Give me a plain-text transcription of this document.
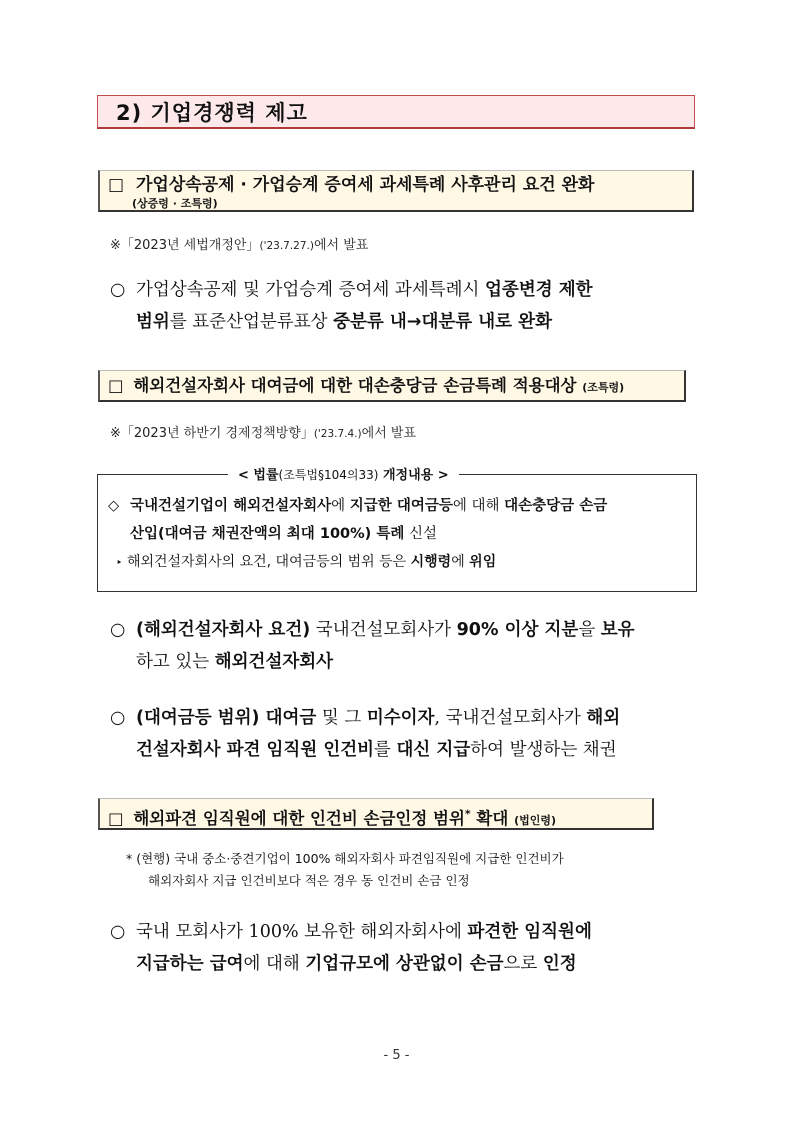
2) 기업경쟁력 제고
□ 가업상속공제 · 가업승계 증여세 과세특례 사후관리 요건 완화
(상증령 · 조특령)
※「2023년 세법개정안」('23.7.27.)에서 발표
○ 가업상속공제 및 가업승계 증여세 과세특례시 업종변경 제한
범위를 표준산업분류표상 중분류 내→대분류 내로 완화
□ 해외건설자회사 대여금에 대한 대손충당금 손금특례 적용대상 (조특령)
※「2023년 하반기 경제정책방향」('23.7.4.)에서 발표
< 법률(조특법§104의33) 개정내용 >
◇ 국내건설기업이 해외건설자회사에 지급한 대여금등에 대해 대손충당금 손금
산입(대여금 채권잔액의 최대 100%) 특례 신설
‣ 해외건설자회사의 요건, 대여금등의 범위 등은 시행령에 위임
○ (해외건설자회사 요건) 국내건설모회사가 90% 이상 지분을 보유
하고 있는 해외건설자회사
○ (대여금등 범위) 대여금 및 그 미수이자, 국내건설모회사가 해외
건설자회사 파견 임직원 인건비를 대신 지급하여 발생하는 채권
□ 해외파견 임직원에 대한 인건비 손금인정 범위* 확대 (법인령)
* (현행) 국내 중소·중견기업이 100% 해외자회사 파견임직원에 지급한 인건비가
해외자회사 지급 인건비보다 적은 경우 동 인건비 손금 인정
○ 국내 모회사가 100% 보유한 해외자회사에 파견한 임직원에
지급하는 급여에 대해 기업규모에 상관없이 손금으로 인정
- 5 -
